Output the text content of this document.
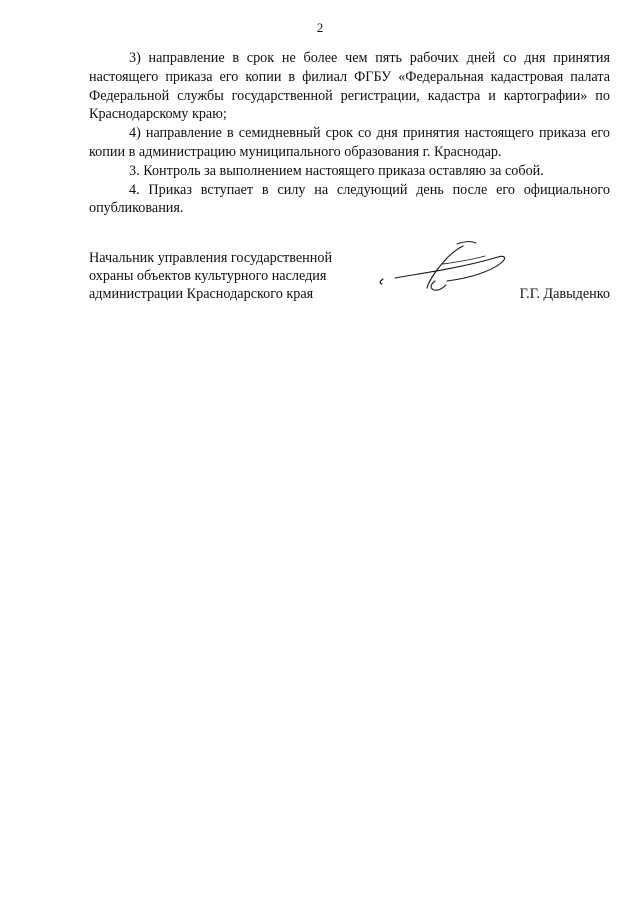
2

3) направление в срок не более чем пять рабочих дней со дня принятия настоящего приказа его копии в филиал ФГБУ «Федеральная кадастровая палата Федеральной службы государственной регистрации, кадастра и картографии» по Краснодарскому краю;

4) направление в семидневный срок со дня принятия настоящего приказа его копии в администрацию муниципального образования г. Краснодар.

3. Контроль за выполнением настоящего приказа оставляю за собой.

4. Приказ вступает в силу на следующий день после его официального опубликования.

Начальник управления государственной
охраны объектов культурного наследия
администрации Краснодарского края	Г.Г. Давыденко
